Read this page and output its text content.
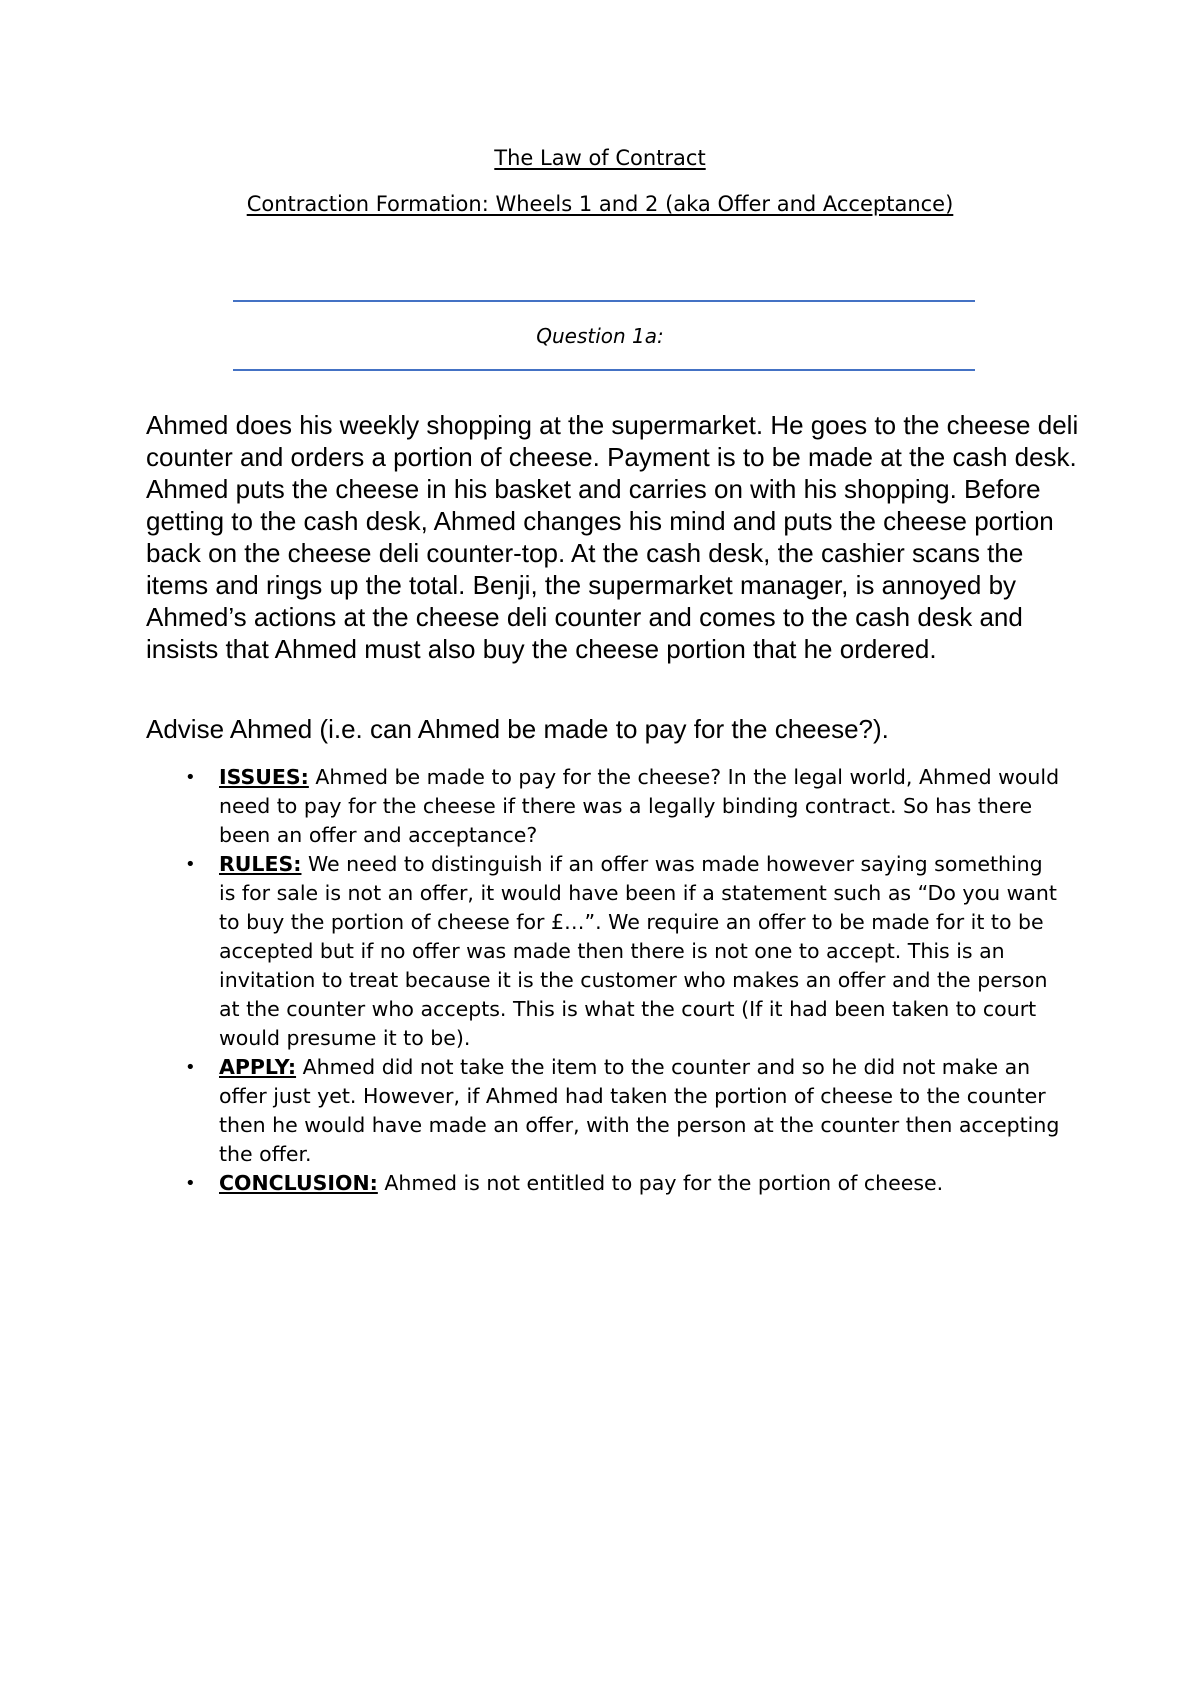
The Law of Contract
Contraction Formation: Wheels 1 and 2 (aka Offer and Acceptance)
Question 1a:

Ahmed does his weekly shopping at the supermarket. He goes to the cheese deli counter and orders a portion of cheese. Payment is to be made at the cash desk. Ahmed puts the cheese in his basket and carries on with his shopping. Before getting to the cash desk, Ahmed changes his mind and puts the cheese portion back on the cheese deli counter-top. At the cash desk, the cashier scans the items and rings up the total. Benji, the supermarket manager, is annoyed by Ahmed’s actions at the cheese deli counter and comes to the cash desk and insists that Ahmed must also buy the cheese portion that he ordered.

Advise Ahmed (i.e. can Ahmed be made to pay for the cheese?).

• ISSUES: Ahmed be made to pay for the cheese? In the legal world, Ahmed would need to pay for the cheese if there was a legally binding contract. So has there been an offer and acceptance?
• RULES: We need to distinguish if an offer was made however saying something is for sale is not an offer, it would have been if a statement such as “Do you want to buy the portion of cheese for £…”. We require an offer to be made for it to be accepted but if no offer was made then there is not one to accept. This is an invitation to treat because it is the customer who makes an offer and the person at the counter who accepts. This is what the court (If it had been taken to court would presume it to be).
• APPLY: Ahmed did not take the item to the counter and so he did not make an offer just yet. However, if Ahmed had taken the portion of cheese to the counter then he would have made an offer, with the person at the counter then accepting the offer.
• CONCLUSION: Ahmed is not entitled to pay for the portion of cheese.
